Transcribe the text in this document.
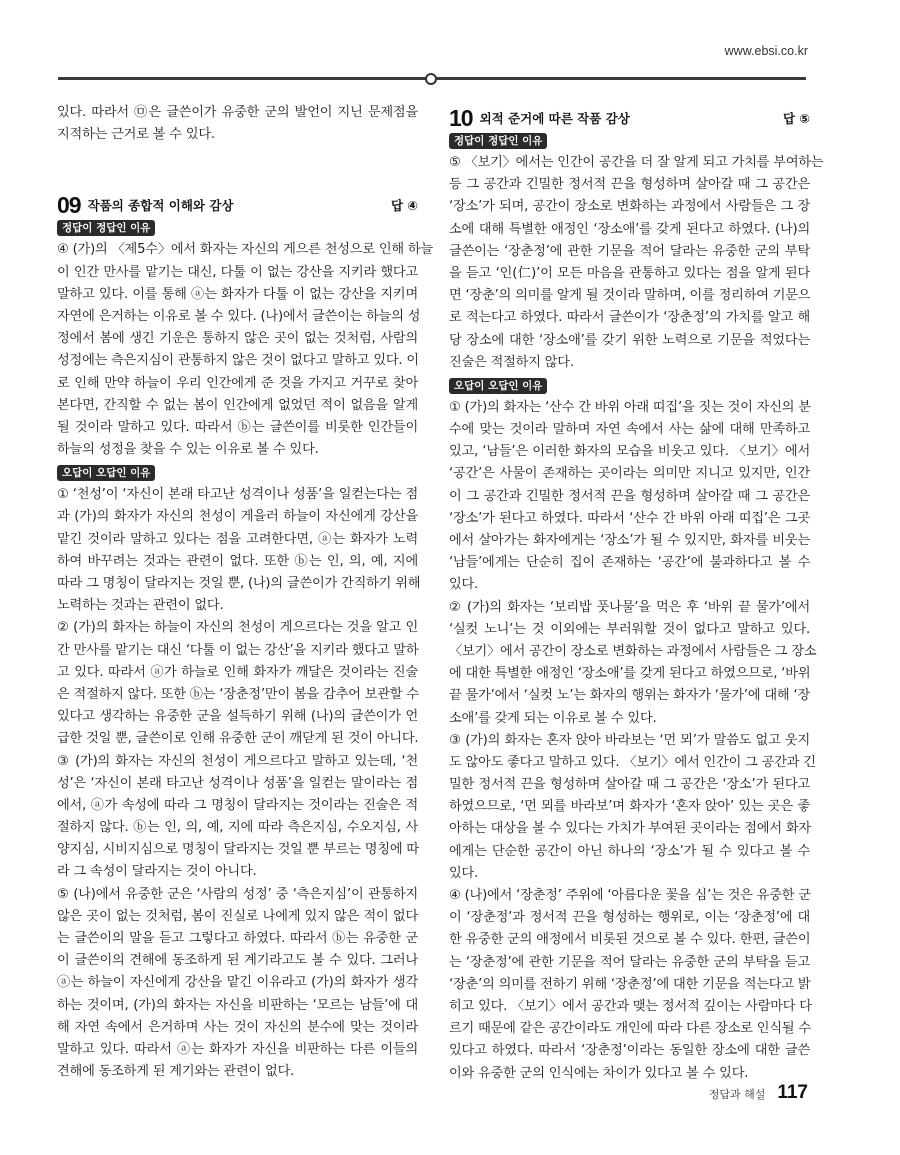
www.ebsi.co.kr
있다. 따라서 ㉤은 글쓴이가 유중한 군의 발언이 지닌 문제점을
지적하는 근거로 볼 수 있다.
09 작품의 종합적 이해와 감상	답 ④
정답이 정답인 이유
④ (가)의 〈제5수〉에서 화자는 자신의 게으른 천성으로 인해 하늘
이 인간 만사를 맡기는 대신, 다툴 이 없는 강산을 지키라 했다고
말하고 있다. 이를 통해 ⓐ는 화자가 다툴 이 없는 강산을 지키며
자연에 은거하는 이유로 볼 수 있다. (나)에서 글쓴이는 하늘의 성
정에서 봄에 생긴 기운은 통하지 않은 곳이 없는 것처럼, 사람의
성정에는 측은지심이 관통하지 않은 것이 없다고 말하고 있다. 이
로 인해 만약 하늘이 우리 인간에게 준 것을 가지고 거꾸로 찾아
본다면, 간직할 수 없는 봄이 인간에게 없었던 적이 없음을 알게
될 것이라 말하고 있다. 따라서 ⓑ는 글쓴이를 비롯한 인간들이
하늘의 성정을 찾을 수 있는 이유로 볼 수 있다.
오답이 오답인 이유
① ‘천성’이 ‘자신이 본래 타고난 성격이나 성품’을 일컫는다는 점
과 (가)의 화자가 자신의 천성이 게을러 하늘이 자신에게 강산을
맡긴 것이라 말하고 있다는 점을 고려한다면, ⓐ는 화자가 노력
하여 바꾸려는 것과는 관련이 없다. 또한 ⓑ는 인, 의, 예, 지에
따라 그 명칭이 달라지는 것일 뿐, (나)의 글쓴이가 간직하기 위해
노력하는 것과는 관련이 없다.
② (가)의 화자는 하늘이 자신의 천성이 게으르다는 것을 알고 인
간 만사를 맡기는 대신 ‘다툴 이 없는 강산’을 지키라 했다고 말하
고 있다. 따라서 ⓐ가 하늘로 인해 화자가 깨달은 것이라는 진술
은 적절하지 않다. 또한 ⓑ는 ‘장춘정’만이 봄을 감추어 보관할 수
있다고 생각하는 유중한 군을 설득하기 위해 (나)의 글쓴이가 언
급한 것일 뿐, 글쓴이로 인해 유중한 군이 깨닫게 된 것이 아니다.
③ (가)의 화자는 자신의 천성이 게으르다고 말하고 있는데, ‘천
성’은 ‘자신이 본래 타고난 성격이나 성품’을 일컫는 말이라는 점
에서, ⓐ가 속성에 따라 그 명칭이 달라지는 것이라는 진술은 적
절하지 않다. ⓑ는 인, 의, 예, 지에 따라 측은지심, 수오지심, 사
양지심, 시비지심으로 명칭이 달라지는 것일 뿐 부르는 명칭에 따
라 그 속성이 달라지는 것이 아니다.
⑤ (나)에서 유중한 군은 ‘사람의 성정’ 중 ‘측은지심’이 관통하지
않은 곳이 없는 것처럼, 봄이 진실로 나에게 있지 않은 적이 없다
는 글쓴이의 말을 듣고 그렇다고 하였다. 따라서 ⓑ는 유중한 군
이 글쓴이의 견해에 동조하게 된 계기라고도 볼 수 있다. 그러나
ⓐ는 하늘이 자신에게 강산을 맡긴 이유라고 (가)의 화자가 생각
하는 것이며, (가)의 화자는 자신을 비판하는 ‘모르는 남들’에 대
해 자연 속에서 은거하며 사는 것이 자신의 분수에 맞는 것이라
말하고 있다. 따라서 ⓐ는 화자가 자신을 비판하는 다른 이들의
견해에 동조하게 된 계기와는 관련이 없다.
10 외적 준거에 따른 작품 감상	답 ⑤
정답이 정답인 이유
⑤ 〈보기〉에서는 인간이 공간을 더 잘 알게 되고 가치를 부여하는
등 그 공간과 긴밀한 정서적 끈을 형성하며 살아갈 때 그 공간은
‘장소’가 되며, 공간이 장소로 변화하는 과정에서 사람들은 그 장
소에 대해 특별한 애정인 ‘장소애’를 갖게 된다고 하였다. (나)의
글쓴이는 ‘장춘정’에 관한 기문을 적어 달라는 유중한 군의 부탁
을 듣고 ‘인(仁)’이 모든 마음을 관통하고 있다는 점을 알게 된다
면 ‘장춘’의 의미를 알게 될 것이라 말하며, 이를 정리하여 기문으
로 적는다고 하였다. 따라서 글쓴이가 ‘장춘정’의 가치를 알고 해
당 장소에 대한 ‘장소애’를 갖기 위한 노력으로 기문을 적었다는
진술은 적절하지 않다.
오답이 오답인 이유
① (가)의 화자는 ‘산수 간 바위 아래 띠집’을 짓는 것이 자신의 분
수에 맞는 것이라 말하며 자연 속에서 사는 삶에 대해 만족하고
있고, ‘남들’은 이러한 화자의 모습을 비웃고 있다. 〈보기〉에서
‘공간’은 사물이 존재하는 곳이라는 의미만 지니고 있지만, 인간
이 그 공간과 긴밀한 정서적 끈을 형성하며 살아갈 때 그 공간은
‘장소’가 된다고 하였다. 따라서 ‘산수 간 바위 아래 띠집’은 그곳
에서 살아가는 화자에게는 ‘장소’가 될 수 있지만, 화자를 비웃는
‘남들’에게는 단순히 집이 존재하는 ‘공간’에 불과하다고 볼 수
있다.
② (가)의 화자는 ‘보리밥 풋나물’을 먹은 후 ‘바위 끝 물가’에서
‘실컷 노니’는 것 이외에는 부러워할 것이 없다고 말하고 있다.
〈보기〉에서 공간이 장소로 변화하는 과정에서 사람들은 그 장소
에 대한 특별한 애정인 ‘장소애’를 갖게 된다고 하였으므로, ‘바위
끝 물가’에서 ‘실컷 노’는 화자의 행위는 화자가 ‘물가’에 대해 ‘장
소애’를 갖게 되는 이유로 볼 수 있다.
③ (가)의 화자는 혼자 앉아 바라보는 ‘먼 뫼’가 말씀도 없고 웃지
도 않아도 좋다고 말하고 있다. 〈보기〉에서 인간이 그 공간과 긴
밀한 정서적 끈을 형성하며 살아갈 때 그 공간은 ‘장소’가 된다고
하였으므로, ‘먼 뫼를 바라보’며 화자가 ‘혼자 앉아’ 있는 곳은 좋
아하는 대상을 볼 수 있다는 가치가 부여된 곳이라는 점에서 화자
에게는 단순한 공간이 아닌 하나의 ‘장소’가 될 수 있다고 볼 수
있다.
④ (나)에서 ‘장춘정’ 주위에 ‘아름다운 꽃을 심’는 것은 유중한 군
이 ‘장춘정’과 정서적 끈을 형성하는 행위로, 이는 ‘장춘정’에 대
한 유중한 군의 애정에서 비롯된 것으로 볼 수 있다. 한편, 글쓴이
는 ‘장춘정’에 관한 기문을 적어 달라는 유중한 군의 부탁을 듣고
‘장춘’의 의미를 전하기 위해 ‘장춘정’에 대한 기문을 적는다고 밝
히고 있다. 〈보기〉에서 공간과 맺는 정서적 깊이는 사람마다 다
르기 때문에 같은 공간이라도 개인에 따라 다른 장소로 인식될 수
있다고 하였다. 따라서 ‘장춘정’이라는 동일한 장소에 대한 글쓴
이와 유중한 군의 인식에는 차이가 있다고 볼 수 있다.
정답과 해설 117
